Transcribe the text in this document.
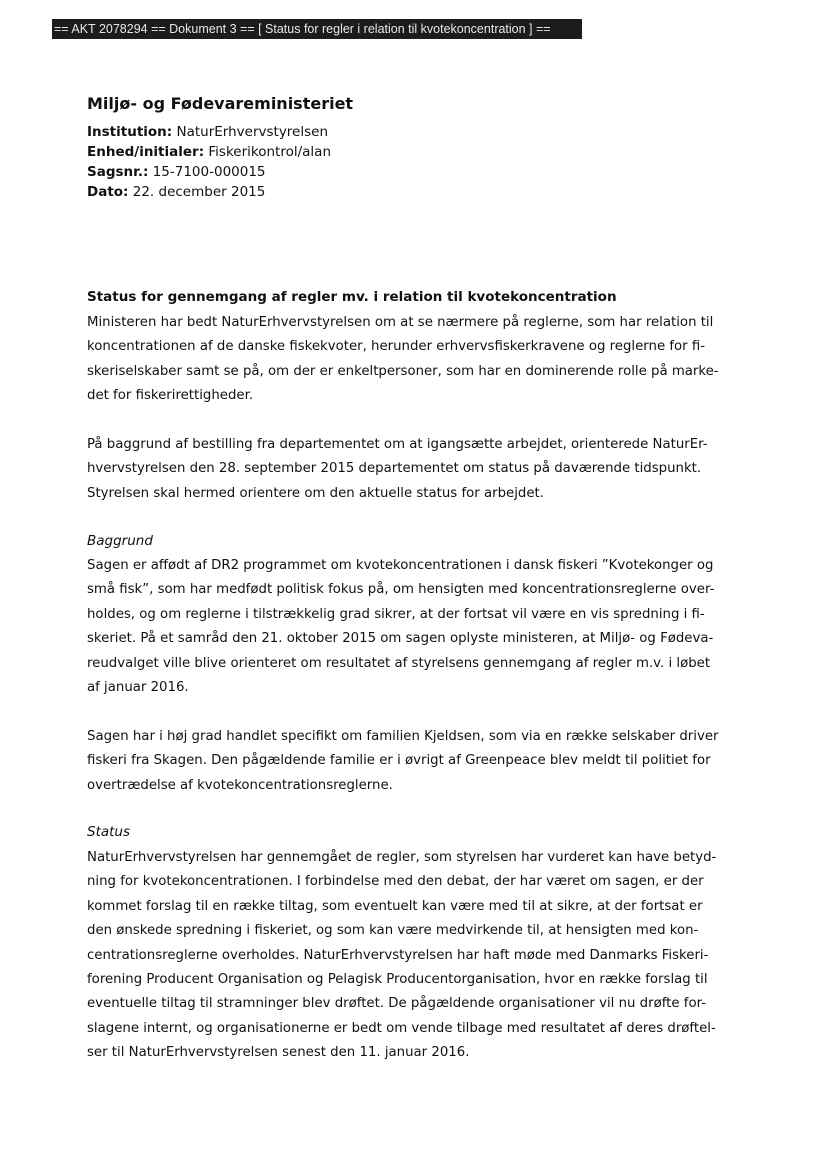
== AKT 2078294 == Dokument 3 == [ Status for regler i relation til kvotekoncentration ] ==
Miljø- og Fødevareministeriet
Institution: NaturErhvervstyrelsen
Enhed/initialer: Fiskerikontrol/alan
Sagsnr.: 15-7100-000015
Dato: 22. december 2015
Status for gennemgang af regler mv. i relation til kvotekoncentration
Ministeren har bedt NaturErhvervstyrelsen om at se nærmere på reglerne, som har relation til
koncentrationen af de danske fiskekvoter, herunder erhvervsfiskerkravene og reglerne for fi-
skeriselskaber samt se på, om der er enkeltpersoner, som har en dominerende rolle på marke-
det for fiskerirettigheder.
På baggrund af bestilling fra departementet om at igangsætte arbejdet, orienterede NaturEr-
hvervstyrelsen den 28. september 2015 departementet om status på daværende tidspunkt.
Styrelsen skal hermed orientere om den aktuelle status for arbejdet.
Baggrund
Sagen er affødt af DR2 programmet om kvotekoncentrationen i dansk fiskeri ”Kvotekonger og
små fisk”, som har medfødt politisk fokus på, om hensigten med koncentrationsreglerne over-
holdes, og om reglerne i tilstrækkelig grad sikrer, at der fortsat vil være en vis spredning i fi-
skeriet. På et samråd den 21. oktober 2015 om sagen oplyste ministeren, at Miljø- og Fødeva-
reudvalget ville blive orienteret om resultatet af styrelsens gennemgang af regler m.v. i løbet
af januar 2016.
Sagen har i høj grad handlet specifikt om familien Kjeldsen, som via en række selskaber driver
fiskeri fra Skagen. Den pågældende familie er i øvrigt af Greenpeace blev meldt til politiet for
overtrædelse af kvotekoncentrationsreglerne.
Status
NaturErhvervstyrelsen har gennemgået de regler, som styrelsen har vurderet kan have betyd-
ning for kvotekoncentrationen. I forbindelse med den debat, der har været om sagen, er der
kommet forslag til en række tiltag, som eventuelt kan være med til at sikre, at der fortsat er
den ønskede spredning i fiskeriet, og som kan være medvirkende til, at hensigten med kon-
centrationsreglerne overholdes. NaturErhvervstyrelsen har haft møde med Danmarks Fiskeri-
forening Producent Organisation og Pelagisk Producentorganisation, hvor en række forslag til
eventuelle tiltag til stramninger blev drøftet. De pågældende organisationer vil nu drøfte for-
slagene internt, og organisationerne er bedt om vende tilbage med resultatet af deres drøftel-
ser til NaturErhvervstyrelsen senest den 11. januar 2016.
